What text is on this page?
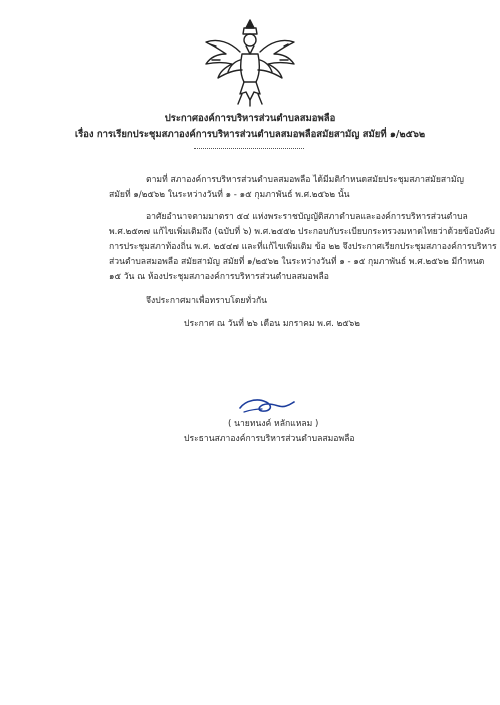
ประกาศองค์การบริหารส่วนตำบลสมอพลือ
เรื่อง การเรียกประชุมสภาองค์การบริหารส่วนตำบลสมอพลือสมัยสามัญ สมัยที่ ๑/๒๕๖๒
ตามที่ สภาองค์การบริหารส่วนตำบลสมอพลือ ได้มีมติกำหนดสมัยประชุมสภาสมัยสามัญ
สมัยที่ ๑/๒๕๖๒ ในระหว่างวันที่ ๑ - ๑๕ กุมภาพันธ์ พ.ศ.๒๕๖๒ นั้น
อาศัยอำนาจตามมาตรา ๕๔ แห่งพระราชบัญญัติสภาตำบลและองค์การบริหารส่วนตำบล
พ.ศ.๒๕๓๗ แก้ไขเพิ่มเติมถึง (ฉบับที่ ๖) พ.ศ.๒๕๕๒ ประกอบกับระเบียบกระทรวงมหาดไทยว่าด้วยข้อบังคับ
การประชุมสภาท้องถิ่น พ.ศ. ๒๕๔๗ และที่แก้ไขเพิ่มเติม ข้อ ๒๒ จึงประกาศเรียกประชุมสภาองค์การบริหาร
ส่วนตำบลสมอพลือ สมัยสามัญ สมัยที่ ๑/๒๕๖๒ ในระหว่างวันที่ ๑ - ๑๕ กุมภาพันธ์ พ.ศ.๒๕๖๒ มีกำหนด
๑๕ วัน ณ ห้องประชุมสภาองค์การบริหารส่วนตำบลสมอพลือ
จึงประกาศมาเพื่อทราบโดยทั่วกัน
ประกาศ ณ วันที่ ๒๖ เดือน มกราคม พ.ศ. ๒๕๖๒
( นายทนงค์ หลักแหลม )
ประธานสภาองค์การบริหารส่วนตำบลสมอพลือ
